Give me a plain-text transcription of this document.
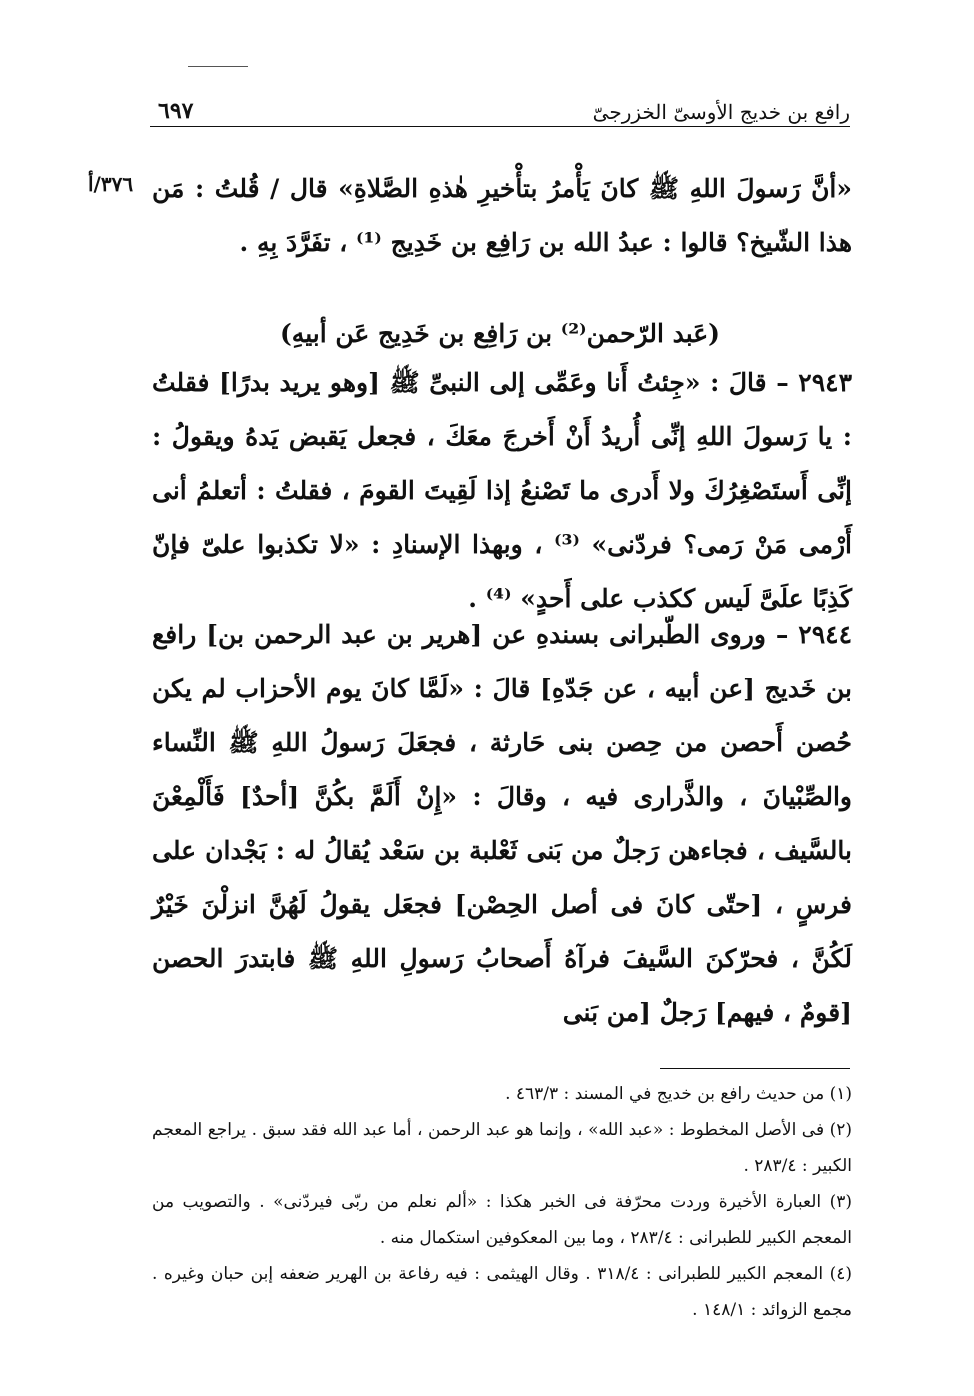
رافع بن خديج الأوسىّ الخزرجىّ
٦٩٧
٣٧٦/أ «أنَّ رَسولَ اللهِ ﷺ كانَ يَأْمرُ بتأْخيرِ هٰذهِ الصَّلاةِ» قال / قُلتُ : مَن هذا الشّيخ؟ قالوا : عبدُ الله بن رَافِع بن خَدِيج ⁽¹⁾ ، تفَرَّدَ بِهِ .

(عَبد الرّحمن⁽²⁾ بن رَافِع بن خَدِيج عَن أبيهِ)

٢٩٤٣ – قالَ : «جِئتُ أَنا وعَمِّى إلى النبىِّ ﷺ [وهو يريد بدرًا] فقلتُ : يا رَسولَ اللهِ إنِّى أُريدُ أَنْ أَخرجَ معَكَ ، فجعل يَقبض يَدهُ ويقولُ : إنِّى أَستَصْغِرُكَ ولا أَدرى ما تَصْنعُ إذا لَقِيتَ القومَ ، فقلتُ : أتعلمُ أنى أَرْمى مَنْ رَمى؟ فردّنى» ⁽³⁾ ، وبهذا الإسنادِ : «لا تكذبوا علىّ فإنّ كَذِبًا علَىَّ لَيس ككذب على أَحدٍ» ⁽⁴⁾ .

٢٩٤٤ – وروى الطّبرانى بسندهِ عن [هرير بن عبد الرحمن بن] رافع بن خَديج [عن أبيه ، عن جَدّهِ] قالَ : «لَمَّا كانَ يوم الأحزاب لم يكن حُصن أَحصن من حِصن بنى حَارثة ، فجعَلَ رَسولُ اللهِ ﷺ النِّساء والصِّبْيانَ ، والذَّرارى فيه ، وقالَ : «إِنْ أَلَمَّ بكُنَّ [أحدٌ] فَأَلْمِعْنَ بالسَّيف ، فجاءهن رَجلٌ من بَنى ثَعْلبة بن سَعْد يُقالُ له : بَجْدان على فرسٍ ، [حتّى كانَ فى أصل الحِصْن] فجعَل يقولُ لَهُنَّ انزلْنَ خَيْرٌ لَكُنَّ ، فحرّكنَ السَّيفَ فرآهُ أَصحابُ رَسولِ اللهِ ﷺ فابتدرَ الحصن [قومٌ ، فيهم] رَجلٌ [من بَنى

(١) من حديث رافع بن خديج في المسند : ٤٦٣/٣ .

(٢) فى الأصل المخطوط : «عبد الله» ، وإنما هو عبد الرحمن ، أما عبد الله فقد سبق . يراجع المعجم الكبير : ٢٨٣/٤ .

(٣) العبارة الأخيرة وردت محرّفة فى الخبر هكذا : «ألم نعلم من ربّى فيردّنى» . والتصويب من المعجم الكبير للطبرانى : ٢٨٣/٤ ، وما بين المعكوفين استكمال منه .

(٤) المعجم الكبير للطبرانى : ٣١٨/٤ . وقال الهيثمى : فيه رفاعة بن الهرير ضعفه إبن حبان وغيره . مجمع الزوائد : ١٤٨/١ .
